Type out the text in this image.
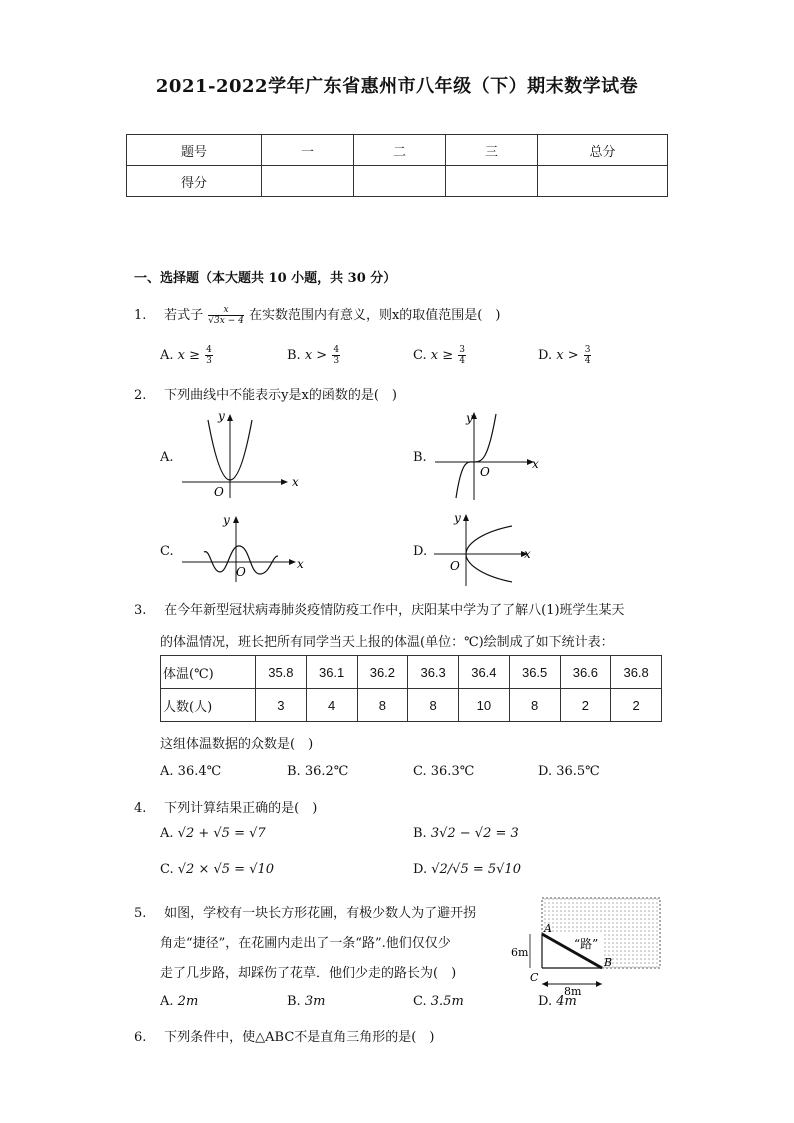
2021-2022学年广东省惠州市八年级（下）期末数学试卷
题号	一	二	三	总分
得分				
一、选择题（本大题共 10 小题，共 30 分）
1. 若式子 $\frac{x}{√3x - 4}$ 在实数范围内有意义，则x的取值范围是(　)
A. $x \ge \frac{4}{3}$	B. $x > \frac{4}{3}$	C. $x \ge \frac{3}{4}$	D. $x > \frac{3}{4}$
2. 下列曲线中不能表示y是x的函数的是(　)
A.
x
y
O
B.	x
y
O
C.
x
y
O
D.	x
y
O
3. 在今年新型冠状病毒肺炎疫情防疫工作中，庆阳某中学为了了解八(1)班学生某天
的体温情况，班长把所有同学当天上报的体温(单位：℃)绘制成了如下统计表：
体温(℃)	35.8	36.1	36.2	36.3	36.4	36.5	36.6	36.8
人数(人)	3	4	8	8	10	8	2	2
这组体温数据的众数是(　)
A. 36.4℃	B. 36.2℃	C. 36.3℃	D. 36.5℃
4. 下列计算结果正确的是(　)
A. √2 + √5 = √7	B. 3√2 − √2 = 3
C. √2 × √5 = √10	D. √2/√5 = 5√10
5. 如图，学校有一块长方形花圃，有极少数人为了避开拐
角走“捷径”，在花圃内走出了一条“路”.他们仅仅少
走了几步路，却踩伤了花草．他们少走的路长为(　)
A
B
C
6m
8m
“路”
A. 2m	B. 3m	C. 3.5m	D. 4m
6. 下列条件中，使△ABC不是直角三角形的是(　)
